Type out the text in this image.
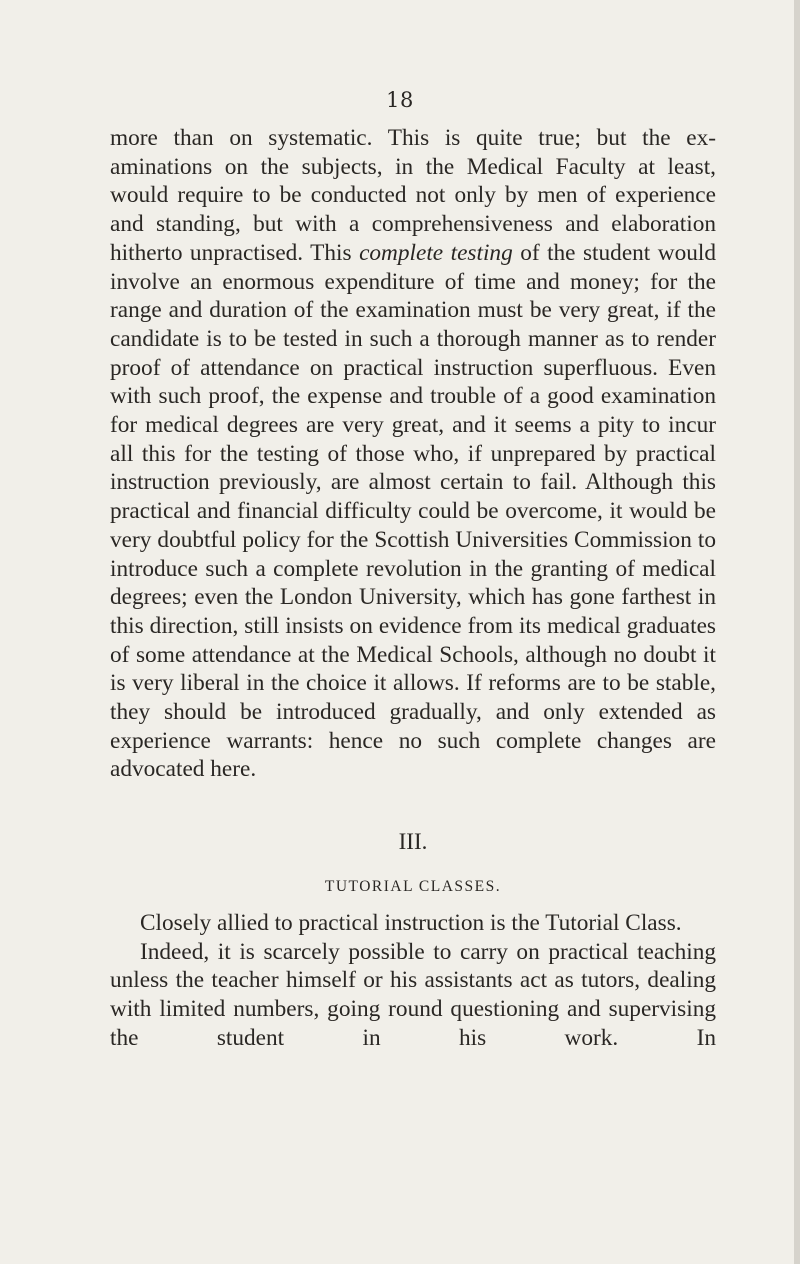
18

more than on systematic. This is quite true; but the ex- aminations on the subjects, in the Medical Faculty at least, would require to be conducted not only by men of experience and standing, but with a comprehensiveness and elaboration hitherto unpractised. This complete testing of the student would involve an enormous expenditure of time and money; for the range and duration of the examination must be very great, if the candidate is to be tested in such a thorough manner as to render proof of attendance on practical instruction superfluous. Even with such proof, the expense and trouble of a good examination for medical degrees are very great, and it seems a pity to incur all this for the testing of those who, if unprepared by practical instruction previously, are almost certain to fail. Although this practical and financial difficulty could be overcome, it would be very doubtful policy for the Scottish Universities Commission to introduce such a complete revolution in the granting of medical degrees; even the London University, which has gone farthest in this direction, still insists on evidence from its medical graduates of some attendance at the Medical Schools, although no doubt it is very liberal in the choice it allows. If reforms are to be stable, they should be introduced gradually, and only extended as experience warrants: hence no such complete changes are advocated here.

III.
TUTORIAL CLASSES.

Closely allied to practical instruction is the Tutorial Class.

Indeed, it is scarcely possible to carry on practical teaching unless the teacher himself or his assistants act as tutors, dealing with limited numbers, going round questioning and supervising the student in his work. In
